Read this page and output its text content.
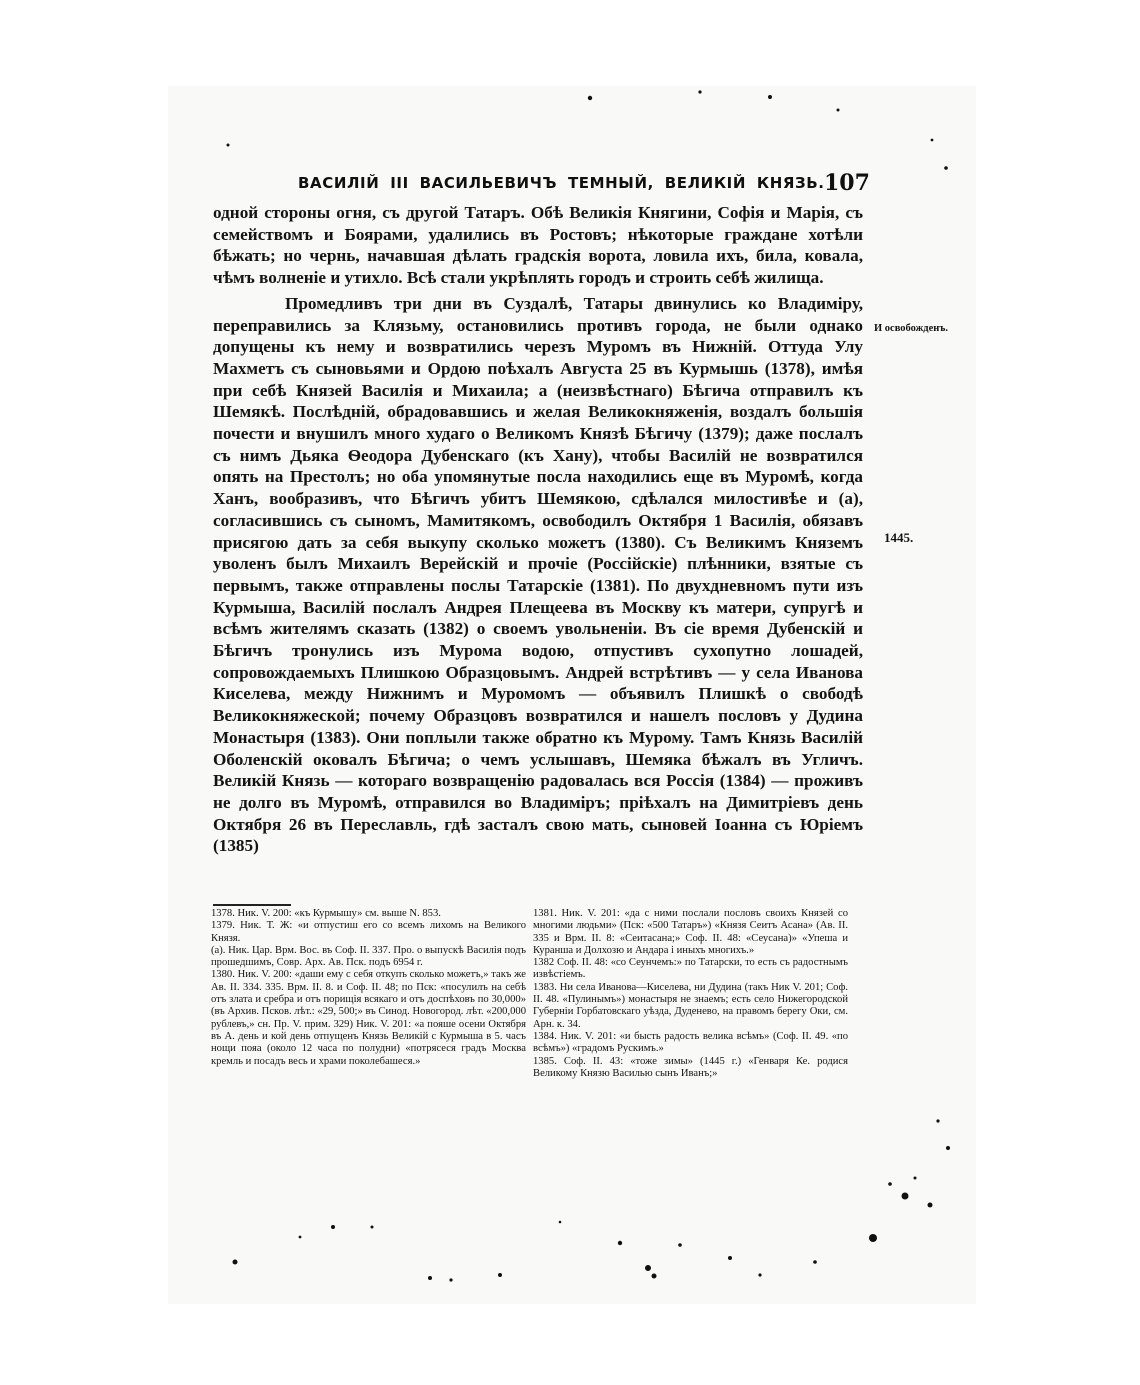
ВАСИЛІЙ III ВАСИЛЬЕВИЧЪ ТЕМНЫЙ, ВЕЛИКІЙ КНЯЗЬ. 107

одной стороны огня, съ другой Татаръ. Обѣ Великія Княгини, Софія и Марія, съ семействомъ и Боярами, удалились въ Ростовъ; нѣкоторые граждане хотѣли бѣжать; но чернь, начавшая дѣлать градскія ворота, ловила ихъ, била, ковала, чѣмъ волненіе и утихло. Всѣ стали укрѣплять городъ и строить себѣ жилища.

Промедливъ три дни въ Суздалѣ, Татары двинулись ко Владиміру, переправились за Клязьму, остановились противъ города, не были однако допущены къ нему и возвратились черезъ Муромъ въ Нижній. Оттуда Улу Махметъ съ сыновьями и Ордою поѣхалъ Августа 25 въ Курмышь (1378), имѣя при себѣ Князей Василія и Михаила; а (неизвѣстнаго) Бѣгича отправилъ къ Шемякѣ. Послѣдній, обрадовавшись и желая Великокняженія, воздалъ большія почести и внушилъ много худаго о Великомъ Князѣ Бѣгичу (1379); даже послалъ съ нимъ Дьяка Ѳеодора Дубенскаго (къ Хану), чтобы Василій не возвратился опять на Престолъ; но оба упомянутые посла находились еще въ Муромѣ, когда Ханъ, вообразивъ, что Бѣгичъ убитъ Шемякою, сдѣлался милостивѣе и (а), согласившись съ сыномъ, Мамитякомъ, освободилъ Октября 1 Василія, обязавъ присягою дать за себя выкупу сколько можетъ (1380). Съ Великимъ Княземъ уволенъ былъ Михаилъ Верейскій и прочіе (Россійскіе) плѣнники, взятые съ первымъ, также отправлены послы Татарскіе (1381). По двухдневномъ пути изъ Курмыша, Василій послалъ Андрея Плещеева въ Москву къ матери, супругѣ и всѣмъ жителямъ сказать (1382) о своемъ увольненіи. Въ сіе время Дубенскій и Бѣгичъ тронулись изъ Мурома водою, отпустивъ сухопутно лошадей, сопровождаемыхъ Плишкою Образцовымъ. Андрей встрѣтивъ — у села Иванова Киселева, между Нижнимъ и Муромомъ — объявилъ Плишкѣ о свободѣ Великокняжеской; почему Образцовъ возвратился и нашелъ пословъ у Дудина Монастыря (1383). Они поплыли также обратно къ Мурому. Тамъ Князь Василій Оболенскій оковалъ Бѣгича; о чемъ услышавъ, Шемяка бѣжалъ въ Угличъ. Великій Князь — котораго возвращенію радовалась вся Россія (1384) — проживъ не долго въ Муромѣ, отправился во Владиміръ; пріѣхалъ на Димитріевъ день Октября 26 въ Переславль, гдѣ засталъ свою мать, сыновей Іоанна съ Юріемъ (1385)

И освобожденъ.
1445.

1378. Ник. V. 200: «къ Курмышу» см. выше N. 853.

1379. Ник. Т. Ж: «и отпустиш его со всемъ лихомъ на Великого Князя.

(а). Ник. Цар. Врм. Вос. въ Соф. II. 337. Про. о выпускѣ Василія подъ прошедшимъ, Совр. Арх. Ав. Пск. подъ 6954 г.

1380. Ник. V. 200: «даши ему с себя откупъ сколько можетъ,» такъ же Ав. II. 334. 335. Врм. II. 8. и Соф. II. 48; по Пск: «посулилъ на себѣ отъ злата и сребра и отъ порищія всякаго и отъ доспѣховъ по 30,000» (въ Архив. Псков. лѣт.: «29, 500;» въ Синод. Новогород. лѣт. «200,000 рублевъ,» сн. Пр. V. прим. 329) Ник. V. 201: «а пояше осени Октября въ А. день и кой день отпущенъ Князь Великій с Курмыша в 5. часъ нощи пояа (около 12 часа по полудни) «потрясеся градъ Москва кремль и посадъ весь и храми поколебашеся.»

1381. Ник. V. 201: «да с ними послали пословъ своихъ Князей со многими людьми» (Пск: «500 Татаръ») «Князя Сеитъ Асана» (Ав. II. 335 и Врм. II. 8: «Сеитасана;» Соф. II. 48: «Сеусана)» «Упеша и Куранша и Долхозю и Андара і иныхъ многихъ.»

1382 Соф. II. 48: «со Сеунчемъ:» по Татарски, то есть съ радостнымъ извѣстіемъ.

1383. Ни села Иванова—Киселева, ни Дудина (такъ Ник V. 201; Соф. II. 48. «Пулинымъ») монастыря не знаемъ; есть село Нижегородской Губерніи Горбатовскаго уѣзда, Дуденево, на правомъ берегу Оки, см. Арн. к. 34.

1384. Ник. V. 201: «и бысть радость велика всѣмъ» (Соф. II. 49. «по всѣмъ») «градомъ Рускимъ.»

1385. Соф. II. 43: «тоже зимы» (1445 г.) «Генваря Ке. родися Великому Князю Василью сынъ Иванъ;»
